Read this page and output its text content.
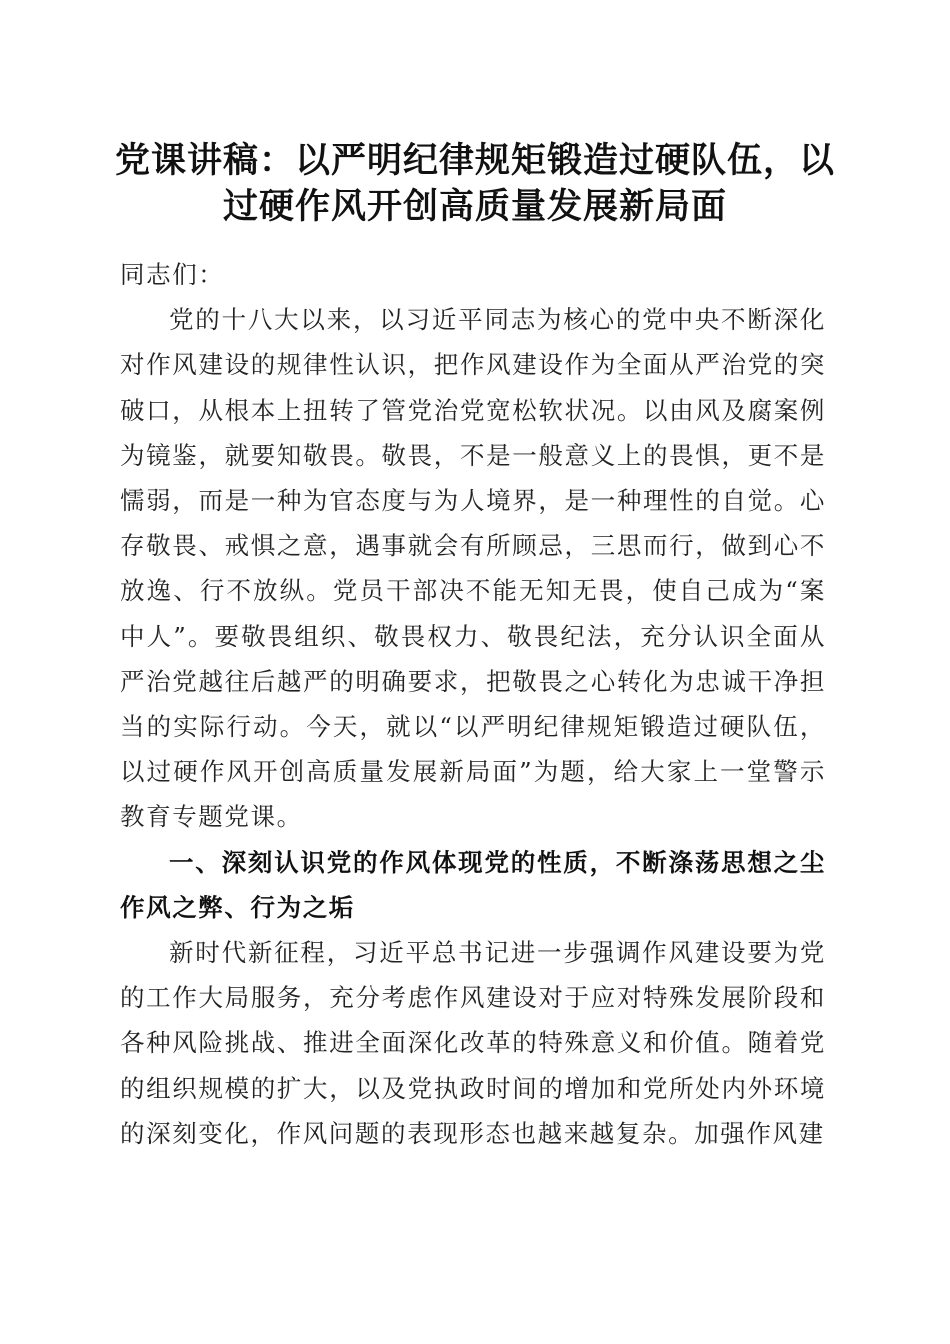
党课讲稿：以严明纪律规矩锻造过硬队伍，以过硬作风开创高质量发展新局面

同志们：

党的十八大以来，以习近平同志为核心的党中央不断深化对作风建设的规律性认识，把作风建设作为全面从严治党的突破口，从根本上扭转了管党治党宽松软状况。以由风及腐案例为镜鉴，就要知敬畏。敬畏，不是一般意义上的畏惧，更不是懦弱，而是一种为官态度与为人境界，是一种理性的自觉。心存敬畏、戒惧之意，遇事就会有所顾忌，三思而行，做到心不放逸、行不放纵。党员干部决不能无知无畏，使自己成为“案中人”。要敬畏组织、敬畏权力、敬畏纪法，充分认识全面从严治党越往后越严的明确要求，把敬畏之心转化为忠诚干净担当的实际行动。今天，就以“以严明纪律规矩锻造过硬队伍，以过硬作风开创高质量发展新局面”为题，给大家上一堂警示教育专题党课。

一、深刻认识党的作风体现党的性质，不断涤荡思想之尘作风之弊、行为之垢

新时代新征程，习近平总书记进一步强调作风建设要为党的工作大局服务，充分考虑作风建设对于应对特殊发展阶段和各种风险挑战、推进全面深化改革的特殊意义和价值。随着党的组织规模的扩大，以及党执政时间的增加和党所处内外环境的深刻变化，作风问题的表现形态也越来越复杂。加强作风建
